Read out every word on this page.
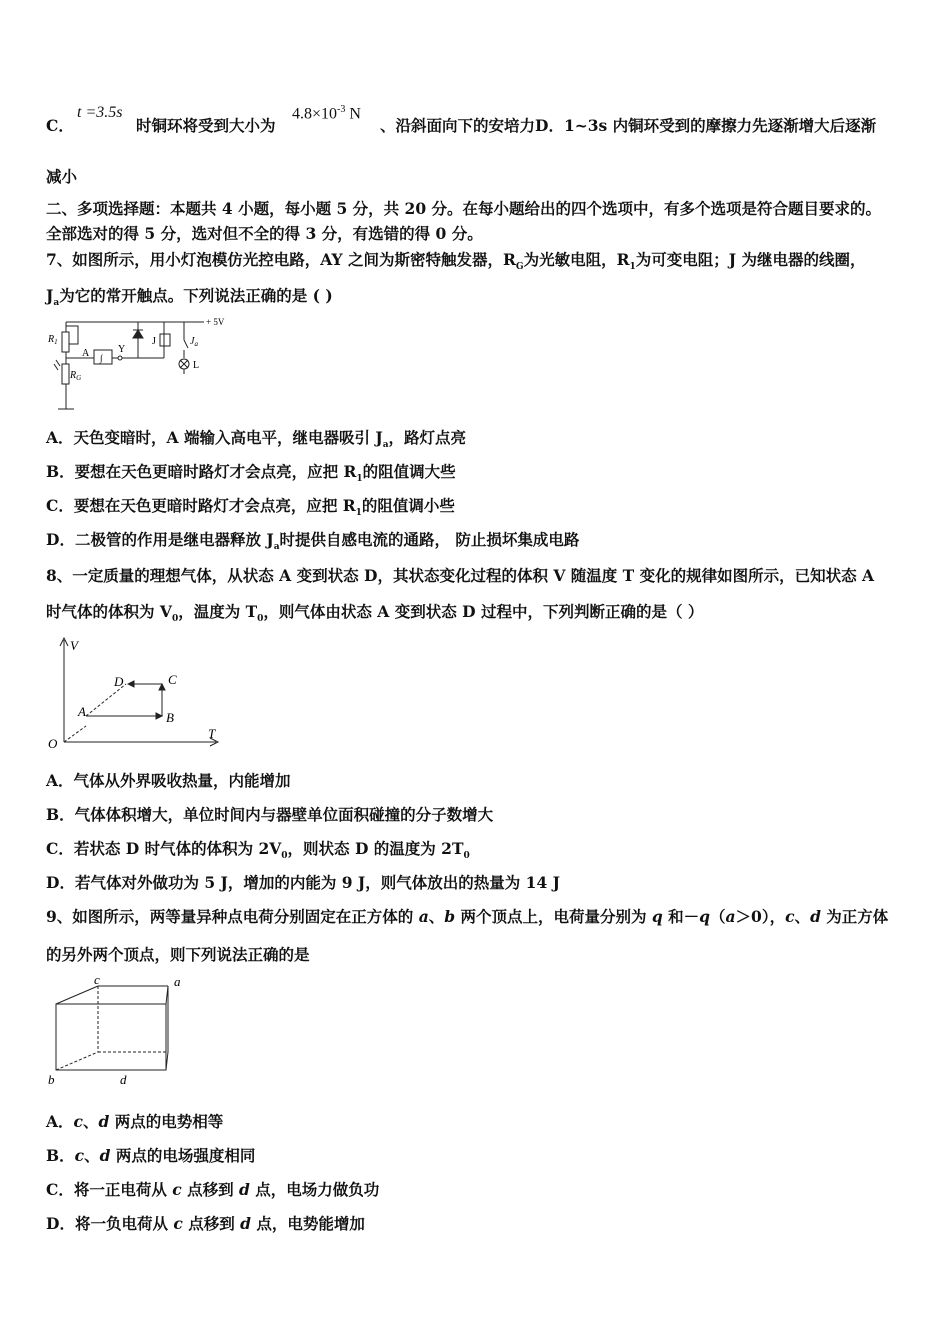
C．
t =3.5s
时铜环将受到大小为
$4.8\times 10^{-3}$ N
、沿斜面向下的安培力D．1~3s 内铜环受到的摩擦力先逐渐增大后逐渐
减小
二、多项选择题：本题共 4 小题，每小题 5 分，共 20 分。在每小题给出的四个选项中，有多个选项是符合题目要求的。
全部选对的得 5 分，选对但不全的得 3 分，有选错的得 0 分。
7、如图所示，用小灯泡模仿光控电路，AY 之间为斯密特触发器，$R_G$为光敏电阻，$R_1$为可变电阻；J 为继电器的线圈，
$J_a$为它的常开触点。下列说法正确的是 ( )
$R_1$
$R_G$
A ∫
Y
J	$J_a$
L
+ 5V
A．天色变暗时，A 端输入高电平，继电器吸引 $J_a$，路灯点亮
B．要想在天色更暗时路灯才会点亮，应把 $R_1$的阻值调大些
C．要想在天色更暗时路灯才会点亮，应把 $R_1$的阻值调小些
D．二极管的作用是继电器释放 $J_a$时提供自感电流的通路， 防止损坏集成电路
8、一定质量的理想气体，从状态 A 变到状态 D，其状态变化过程的体积 V 随温度 T 变化的规律如图所示，已知状态 A
时气体的体积为 $V_0$，温度为 $T_0$，则气体由状态 A 变到状态 D 过程中，下列判断正确的是（ ）
V
T
O
A	B
C
D
A．气体从外界吸收热量，内能增加
B．气体体积增大，单位时间内与器壁单位面积碰撞的分子数增大
C．若状态 D 时气体的体积为 $2V_0$，则状态 D 的温度为 $2T_0$
D．若气体对外做功为 5 J，增加的内能为 9 J，则气体放出的热量为 14 J
9、如图所示，两等量异种点电荷分别固定在正方体的 a、b 两个顶点上，电荷量分别为 q 和－q（a＞0），c、d 为正方体
的另外两个顶点，则下列说法正确的是
c	a
b	d
A．c、d 两点的电势相等
B．c、d 两点的电场强度相同
C．将一正电荷从 c 点移到 d 点，电场力做负功
D．将一负电荷从 c 点移到 d 点，电势能增加
